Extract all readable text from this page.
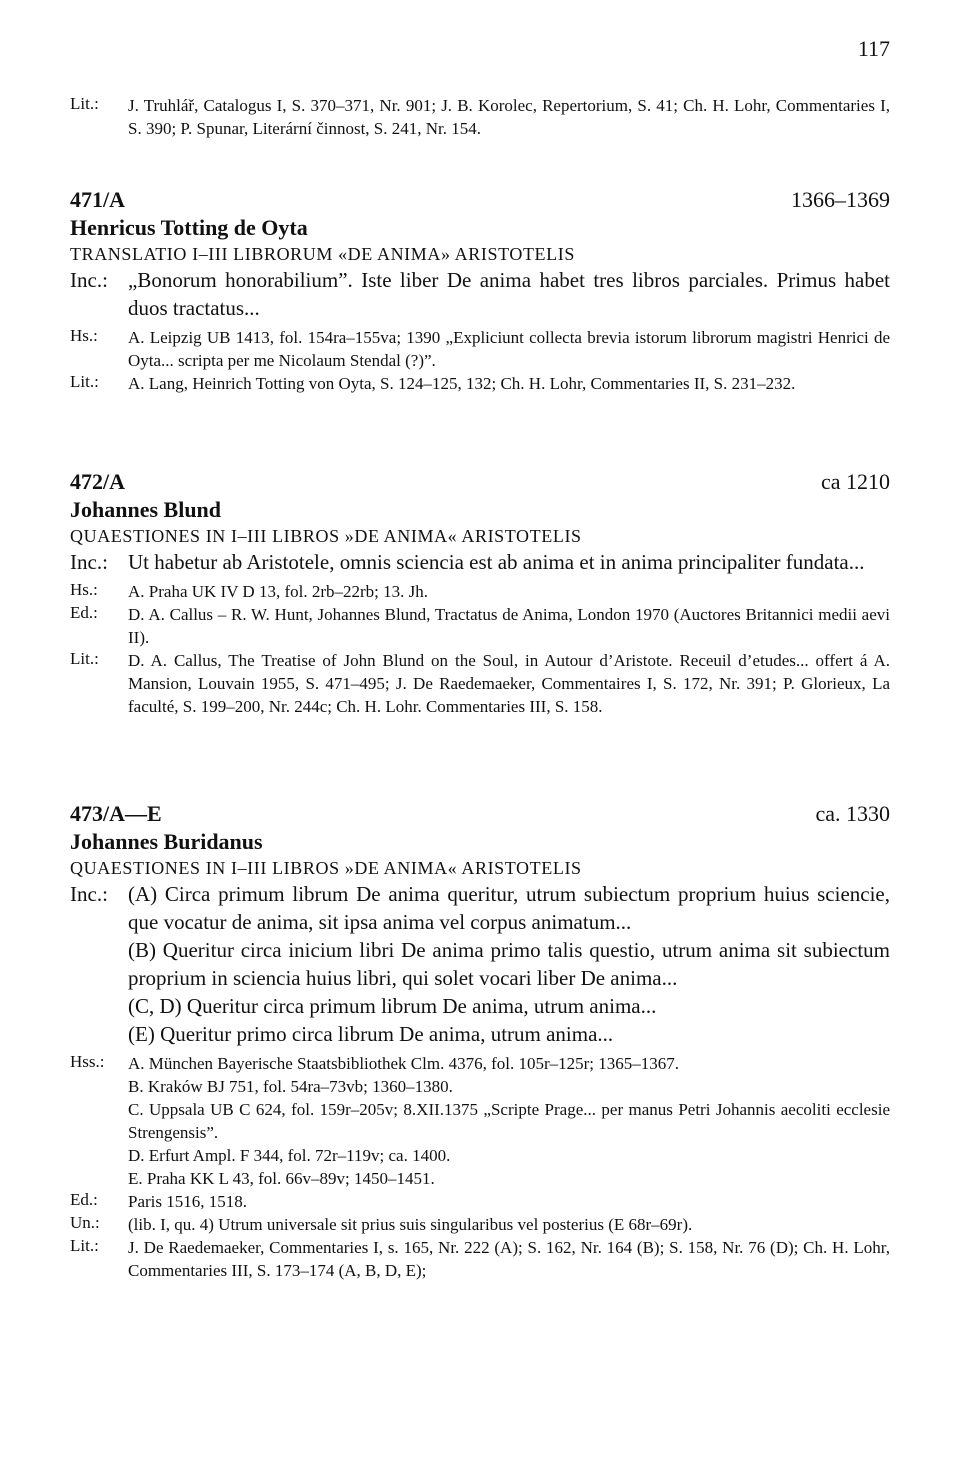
117
Lit.:	J. Truhlář, Catalogus I, S. 370–371, Nr. 901; J. B. Korolec, Repertorium, S. 41; Ch. H. Lohr, Commentaries I, S. 390; P. Spunar, Literární činnost, S. 241, Nr. 154.
471/A	1366–1369
Henricus Totting de Oyta
TRANSLATIO I–III LIBRORUM «DE ANIMA» ARISTOTELIS
Inc.: „Bonorum honorabilium”. Iste liber De anima habet tres libros parciales. Primus habet duos tractatus...
Hs.:	A. Leipzig UB 1413, fol. 154ra–155va; 1390 „Expliciunt collecta brevia istorum librorum magistri Henrici de Oyta... scripta per me Nicolaum Stendal (?)”.
Lit.:	A. Lang, Heinrich Totting von Oyta, S. 124–125, 132; Ch. H. Lohr, Commentaries II, S. 231–232.
472/A	ca 1210
Johannes Blund
QUAESTIONES IN I–III LIBROS »DE ANIMA« ARISTOTELIS
Inc.: Ut habetur ab Aristotele, omnis sciencia est ab anima et in anima principaliter fundata...
Hs.:	A. Praha UK IV D 13, fol. 2rb–22rb; 13. Jh.
Ed.:	D. A. Callus – R. W. Hunt, Johannes Blund, Tractatus de Anima, London 1970 (Auctores Britannici medii aevi II).
Lit.:	D. A. Callus, The Treatise of John Blund on the Soul, in Autour d’Aristote. Receuil d’etudes... offert á A. Mansion, Louvain 1955, S. 471–495; J. De Raedemaeker, Commentaires I, S. 172, Nr. 391; P. Glorieux, La faculté, S. 199–200, Nr. 244c; Ch. H. Lohr. Commentaries III, S. 158.
473/A—E	ca. 1330
Johannes Buridanus
QUAESTIONES IN I–III LIBROS »DE ANIMA« ARISTOTELIS
Inc.: (A) Circa primum librum De anima queritur, utrum subiectum proprium huius sciencie, que vocatur de anima, sit ipsa anima vel corpus animatum...
(B) Queritur circa inicium libri De anima primo talis questio, utrum anima sit subiectum proprium in sciencia huius libri, qui solet vocari liber De anima...
(C, D) Queritur circa primum librum De anima, utrum anima...
(E) Queritur primo circa librum De anima, utrum anima...
Hss.:	A. München Bayerische Staatsbibliothek Clm. 4376, fol. 105r–125r; 1365–1367.
B. Kraków BJ 751, fol. 54ra–73vb; 1360–1380.
C. Uppsala UB C 624, fol. 159r–205v; 8.XII.1375 „Scripte Prage... per manus Petri Johannis aecoliti ecclesie Strengensis”.
D. Erfurt Ampl. F 344, fol. 72r–119v; ca. 1400.
E. Praha KK L 43, fol. 66v–89v; 1450–1451.
Ed.:	Paris 1516, 1518.
Un.:	(lib. I, qu. 4) Utrum universale sit prius suis singularibus vel posterius (E 68r–69r).
Lit.:	J. De Raedemaeker, Commentaries I, s. 165, Nr. 222 (A); S. 162, Nr. 164 (B); S. 158, Nr. 76 (D); Ch. H. Lohr, Commentaries III, S. 173–174 (A, B, D, E);
